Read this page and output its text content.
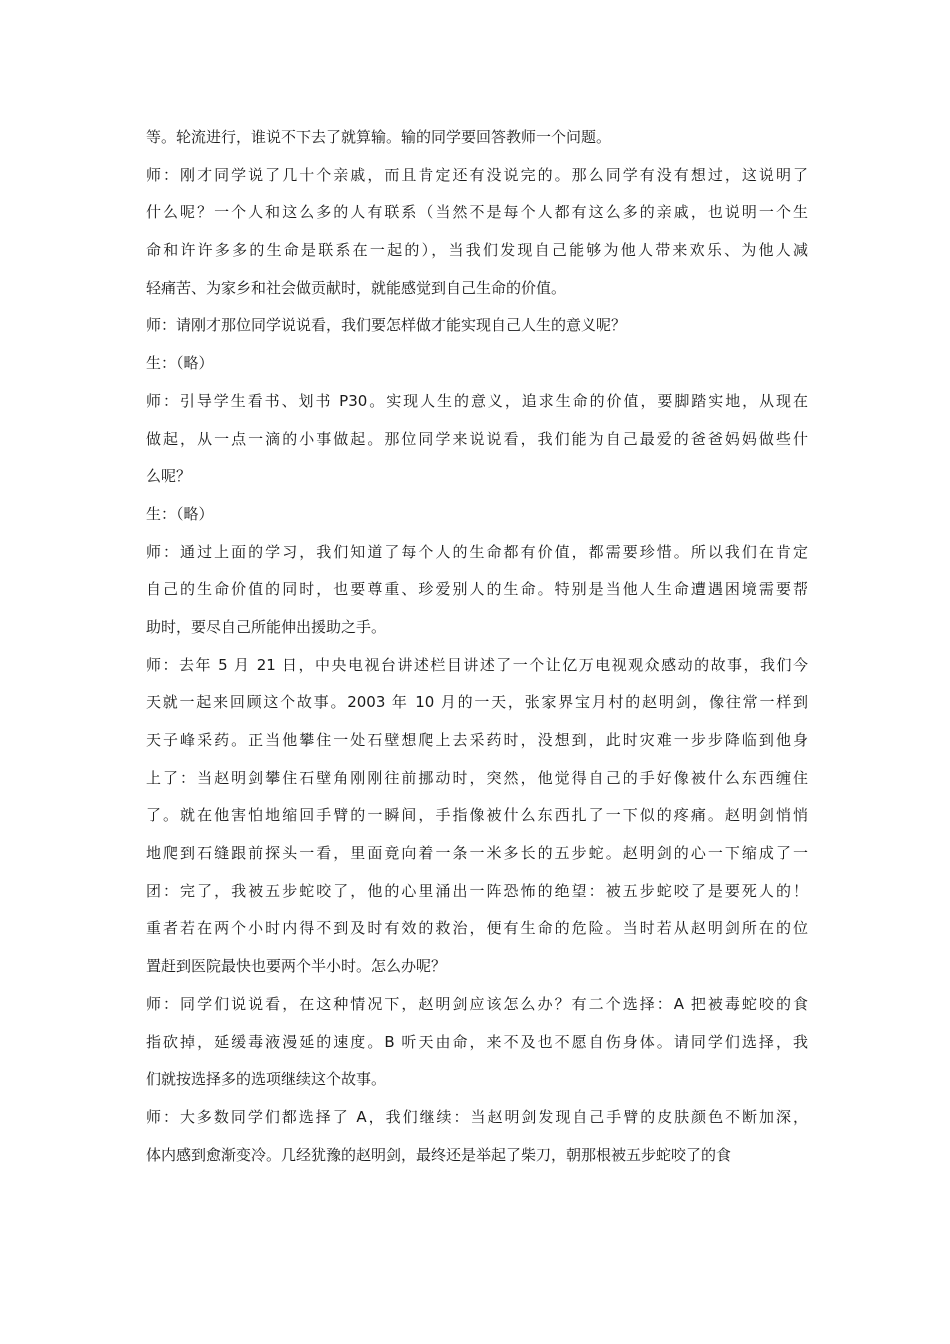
等。轮流进行，谁说不下去了就算输。输的同学要回答教师一个问题。
师：刚才同学说了几十个亲戚，而且肯定还有没说完的。那么同学有没有想过，这说明了
什么呢？一个人和这么多的人有联系（当然不是每个人都有这么多的亲戚，也说明一个生
命和许许多多的生命是联系在一起的），当我们发现自己能够为他人带来欢乐、为他人减
轻痛苦、为家乡和社会做贡献时，就能感觉到自己生命的价值。
师：请刚才那位同学说说看，我们要怎样做才能实现自己人生的意义呢？
生：（略）
师：引导学生看书、划书 P30。实现人生的意义，追求生命的价值，要脚踏实地，从现在
做起，从一点一滴的小事做起。那位同学来说说看，我们能为自己最爱的爸爸妈妈做些什
么呢？
生：（略）
师：通过上面的学习，我们知道了每个人的生命都有价值，都需要珍惜。所以我们在肯定
自己的生命价值的同时，也要尊重、珍爱别人的生命。特别是当他人生命遭遇困境需要帮
助时，要尽自己所能伸出援助之手。
师：去年 5 月 21 日，中央电视台讲述栏目讲述了一个让亿万电视观众感动的故事，我们今
天就一起来回顾这个故事。2003 年 10 月的一天，张家界宝月村的赵明剑，像往常一样到
天子峰采药。正当他攀住一处石壁想爬上去采药时，没想到，此时灾难一步步降临到他身
上了：当赵明剑攀住石壁角刚刚往前挪动时，突然，他觉得自己的手好像被什么东西缠住
了。就在他害怕地缩回手臂的一瞬间，手指像被什么东西扎了一下似的疼痛。赵明剑悄悄
地爬到石缝跟前探头一看，里面竟向着一条一米多长的五步蛇。赵明剑的心一下缩成了一
团：完了，我被五步蛇咬了，他的心里涌出一阵恐怖的绝望：被五步蛇咬了是要死人的！
重者若在两个小时内得不到及时有效的救治，便有生命的危险。当时若从赵明剑所在的位
置赶到医院最快也要两个半小时。怎么办呢？
师：同学们说说看，在这种情况下，赵明剑应该怎么办？有二个选择：A 把被毒蛇咬的食
指砍掉，延缓毒液漫延的速度。B 听天由命，来不及也不愿自伤身体。请同学们选择，我
们就按选择多的选项继续这个故事。
师：大多数同学们都选择了 A，我们继续：当赵明剑发现自己手臂的皮肤颜色不断加深，
体内感到愈渐变冷。几经犹豫的赵明剑，最终还是举起了柴刀，朝那根被五步蛇咬了的食
